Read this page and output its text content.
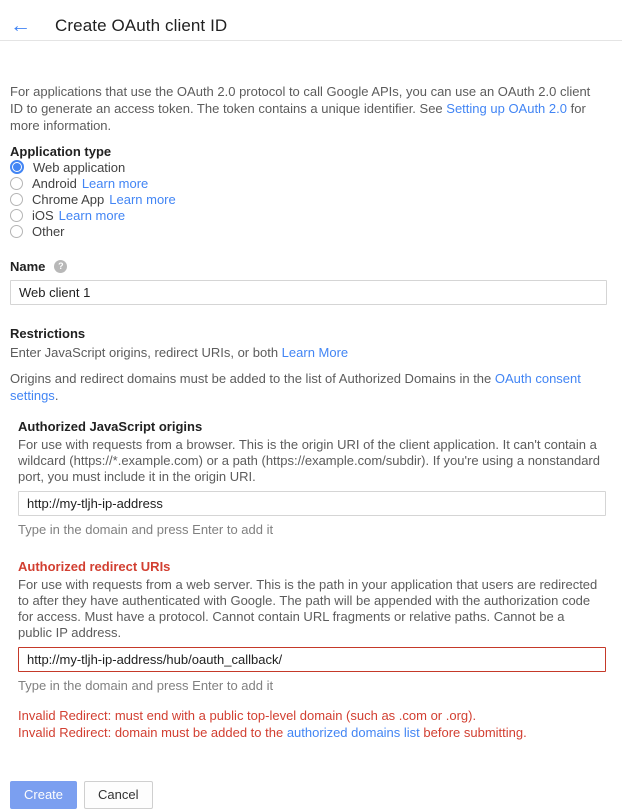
← Create OAuth client ID

For applications that use the OAuth 2.0 protocol to call Google APIs, you can use an OAuth 2.0 client ID to generate an access token. The token contains a unique identifier. See Setting up OAuth 2.0 for more information.

Application type
Web application
Android Learn more
Chrome App Learn more
iOS Learn more
Other
Name	?
Web client 1
Restrictions

Enter JavaScript origins, redirect URIs, or both Learn More

Origins and redirect domains must be added to the list of Authorized Domains in the OAuth consent settings.

Authorized JavaScript origins

For use with requests from a browser. This is the origin URI of the client application. It can't contain a wildcard (https://*.example.com) or a path (https://example.com/subdir). If you're using a nonstandard port, you must include it in the origin URI.

http://my-tljh-ip-address
Type in the domain and press Enter to add it
Authorized redirect URIs

For use with requests from a web server. This is the path in your application that users are redirected to after they have authenticated with Google. The path will be appended with the authorization code for access. Must have a protocol. Cannot contain URL fragments or relative paths. Cannot be a public IP address.

http://my-tljh-ip-address/hub/oauth_callback/
Type in the domain and press Enter to add it
Invalid Redirect: must end with a public top-level domain (such as .com or .org).
Invalid Redirect: domain must be added to the authorized domains list before submitting.
Create	Cancel
